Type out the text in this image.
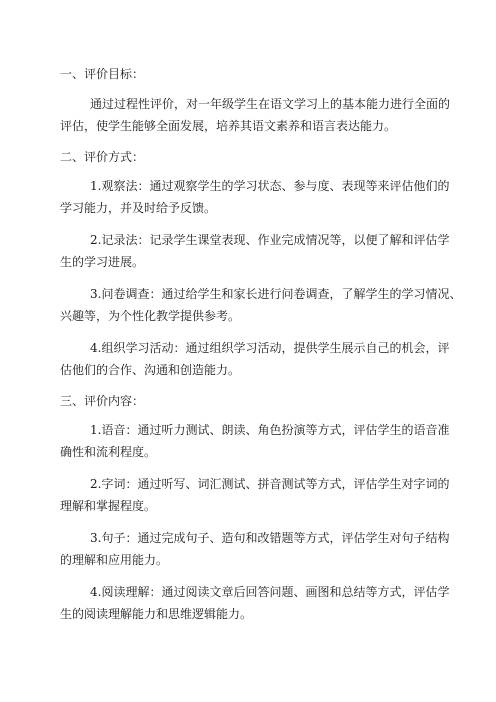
一、评价目标：

通过过程性评价，对一年级学生在语文学习上的基本能力进行全面的
评估，使学生能够全面发展，培养其语文素养和语言表达能力。

二、评价方式：

1.观察法：通过观察学生的学习状态、参与度、表现等来评估他们的
学习能力，并及时给予反馈。
2.记录法：记录学生课堂表现、作业完成情况等，以便了解和评估学
生的学习进展。
3.问卷调查：通过给学生和家长进行问卷调查，了解学生的学习情况、
兴趣等，为个性化教学提供参考。
4.组织学习活动：通过组织学习活动，提供学生展示自己的机会，评
估他们的合作、沟通和创造能力。

三、评价内容：

1.语音：通过听力测试、朗读、角色扮演等方式，评估学生的语音准
确性和流利程度。
2.字词：通过听写、词汇测试、拼音测试等方式，评估学生对字词的
理解和掌握程度。
3.句子：通过完成句子、造句和改错题等方式，评估学生对句子结构
的理解和应用能力。
4.阅读理解：通过阅读文章后回答问题、画图和总结等方式，评估学
生的阅读理解能力和思维逻辑能力。
